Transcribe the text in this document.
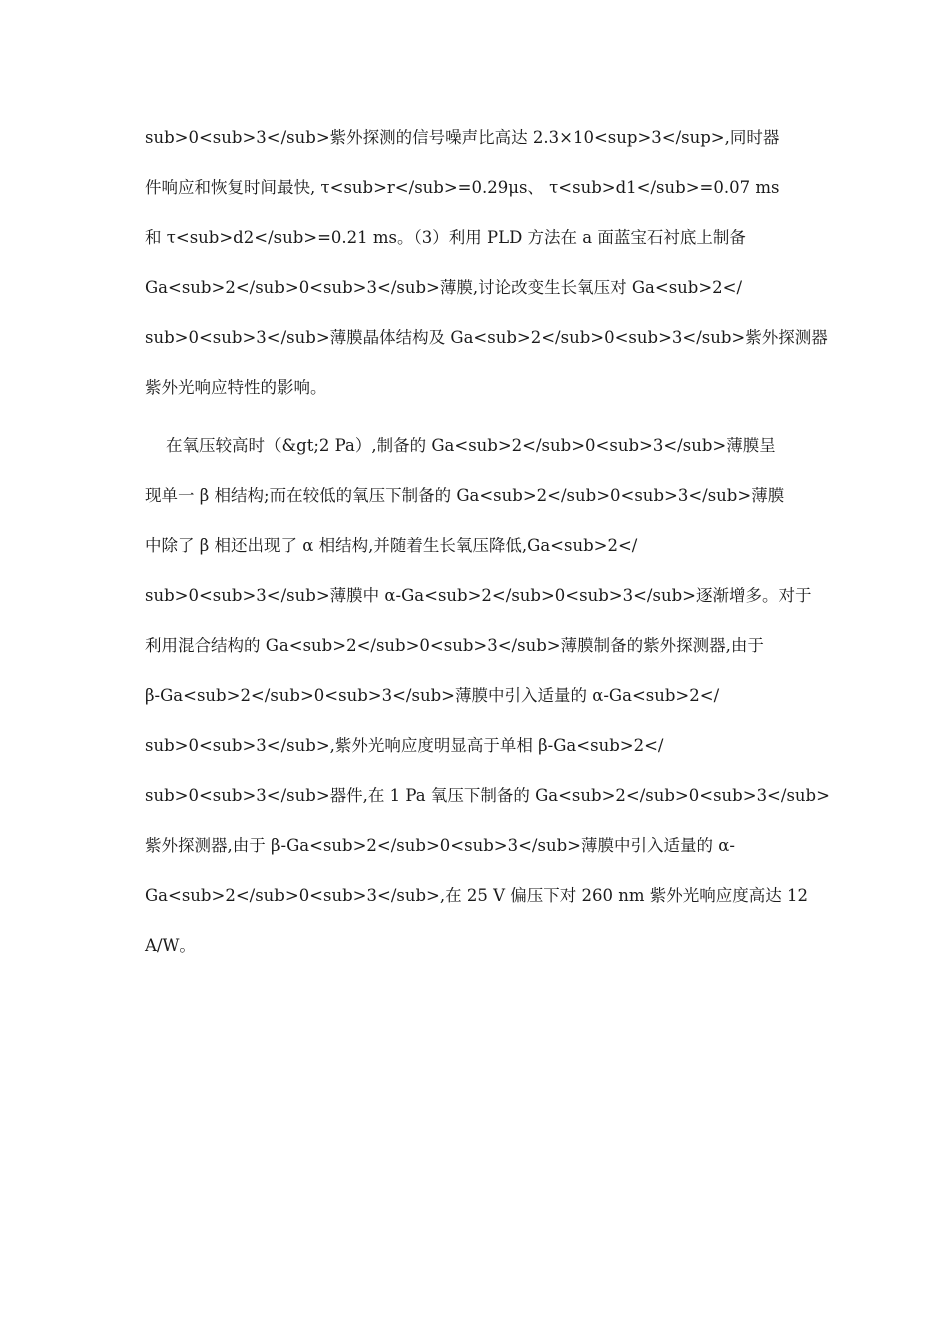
sub>0<sub>3</sub>紫外探测的信号噪声比高达 2.3×10<sup>3</sup>,同时器
件响应和恢复时间最快, τ<sub>r</sub>=0.29μs、 τ<sub>d1</sub>=0.07 ms
和 τ<sub>d2</sub>=0.21 ms。（3）利用 PLD 方法在 a 面蓝宝石衬底上制备
Ga<sub>2</sub>0<sub>3</sub>薄膜,讨论改变生长氧压对 Ga<sub>2</
sub>0<sub>3</sub>薄膜晶体结构及 Ga<sub>2</sub>0<sub>3</sub>紫外探测器
紫外光响应特性的影响。

在氧压较高时（&gt;2 Pa）,制备的 Ga<sub>2</sub>0<sub>3</sub>薄膜呈
现单一 β 相结构;而在较低的氧压下制备的 Ga<sub>2</sub>0<sub>3</sub>薄膜
中除了 β 相还出现了 α 相结构,并随着生长氧压降低,Ga<sub>2</
sub>0<sub>3</sub>薄膜中 α-Ga<sub>2</sub>0<sub>3</sub>逐渐增多。对于
利用混合结构的 Ga<sub>2</sub>0<sub>3</sub>薄膜制备的紫外探测器,由于
β-Ga<sub>2</sub>0<sub>3</sub>薄膜中引入适量的 α-Ga<sub>2</
sub>0<sub>3</sub>,紫外光响应度明显高于单相 β-Ga<sub>2</
sub>0<sub>3</sub>器件,在 1 Pa 氧压下制备的 Ga<sub>2</sub>0<sub>3</sub>
紫外探测器,由于 β-Ga<sub>2</sub>0<sub>3</sub>薄膜中引入适量的 α-
Ga<sub>2</sub>0<sub>3</sub>,在 25 V 偏压下对 260 nm 紫外光响应度高达 12
A/W。
